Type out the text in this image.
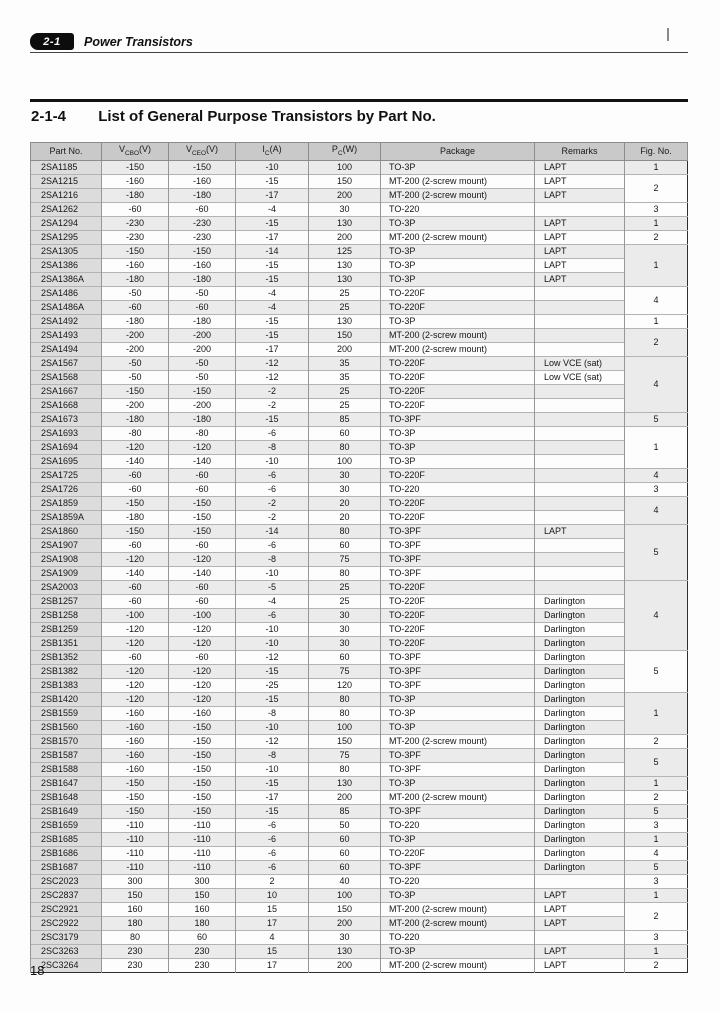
2-1 Power Transistors
2-1-4 List of General Purpose Transistors by Part No.
Part No.	$V_{CBO}(V)$	$V_{CEO}(V)$	$I_C(A)$	$P_C(W)$	Package	Remarks	Fig. No.
2SA1185	-150	-150	-10	100	TO-3P	LAPT	1
2SA1215	-160	-160	-15	150	MT-200 (2-screw mount)	LAPT	2
2SA1216	-180	-180	-17	200	MT-200 (2-screw mount)	LAPT	
2SA1262	-60	-60	-4	30	TO-220		3
2SA1294	-230	-230	-15	130	TO-3P	LAPT	1
2SA1295	-230	-230	-17	200	MT-200 (2-screw mount)	LAPT	2
2SA1305	-150	-150	-14	125	TO-3P	LAPT	1
2SA1386	-160	-160	-15	130	TO-3P	LAPT	
2SA1386A	-180	-180	-15	130	TO-3P	LAPT	
2SA1486	-50	-50	-4	25	TO-220F		4
2SA1486A	-60	-60	-4	25	TO-220F		
2SA1492	-180	-180	-15	130	TO-3P		1
2SA1493	-200	-200	-15	150	MT-200 (2-screw mount)		2
2SA1494	-200	-200	-17	200	MT-200 (2-screw mount)		
2SA1567	-50	-50	-12	35	TO-220F	Low VCE (sat)	4
2SA1568	-50	-50	-12	35	TO-220F	Low VCE (sat)	
2SA1667	-150	-150	-2	25	TO-220F		
2SA1668	-200	-200	-2	25	TO-220F		
2SA1673	-180	-180	-15	85	TO-3PF		5
2SA1693	-80	-80	-6	60	TO-3P		1
2SA1694	-120	-120	-8	80	TO-3P		
2SA1695	-140	-140	-10	100	TO-3P		
2SA1725	-60	-60	-6	30	TO-220F		4
2SA1726	-60	-60	-6	30	TO-220		3
2SA1859	-150	-150	-2	20	TO-220F		4
2SA1859A	-180	-150	-2	20	TO-220F		
2SA1860	-150	-150	-14	80	TO-3PF	LAPT	5
2SA1907	-60	-60	-6	60	TO-3PF		
2SA1908	-120	-120	-8	75	TO-3PF		
2SA1909	-140	-140	-10	80	TO-3PF		
2SA2003	-60	-60	-5	25	TO-220F		4
2SB1257	-60	-60	-4	25	TO-220F	Darlington	
2SB1258	-100	-100	-6	30	TO-220F	Darlington	
2SB1259	-120	-120	-10	30	TO-220F	Darlington	
2SB1351	-120	-120	-10	30	TO-220F	Darlington	
2SB1352	-60	-60	-12	60	TO-3PF	Darlington	5
2SB1382	-120	-120	-15	75	TO-3PF	Darlington	
2SB1383	-120	-120	-25	120	TO-3PF	Darlington	
2SB1420	-120	-120	-15	80	TO-3P	Darlington	1
2SB1559	-160	-160	-8	80	TO-3P	Darlington	
2SB1560	-160	-150	-10	100	TO-3P	Darlington	
2SB1570	-160	-150	-12	150	MT-200 (2-screw mount)	Darlington	2
2SB1587	-160	-150	-8	75	TO-3PF	Darlington	5
2SB1588	-160	-150	-10	80	TO-3PF	Darlington	
2SB1647	-150	-150	-15	130	TO-3P	Darlington	1
2SB1648	-150	-150	-17	200	MT-200 (2-screw mount)	Darlington	2
2SB1649	-150	-150	-15	85	TO-3PF	Darlington	5
2SB1659	-110	-110	-6	50	TO-220	Darlington	3
2SB1685	-110	-110	-6	60	TO-3P	Darlington	1
2SB1686	-110	-110	-6	60	TO-220F	Darlington	4
2SB1687	-110	-110	-6	60	TO-3PF	Darlington	5
2SC2023	300	300	2	40	TO-220		3
2SC2837	150	150	10	100	TO-3P	LAPT	1
2SC2921	160	160	15	150	MT-200 (2-screw mount)	LAPT	2
2SC2922	180	180	17	200	MT-200 (2-screw mount)	LAPT	
2SC3179	80	60	4	30	TO-220		3
2SC3263	230	230	15	130	TO-3P	LAPT	1
2SC3264	230	230	17	200	MT-200 (2-screw mount)	LAPT	2
18
